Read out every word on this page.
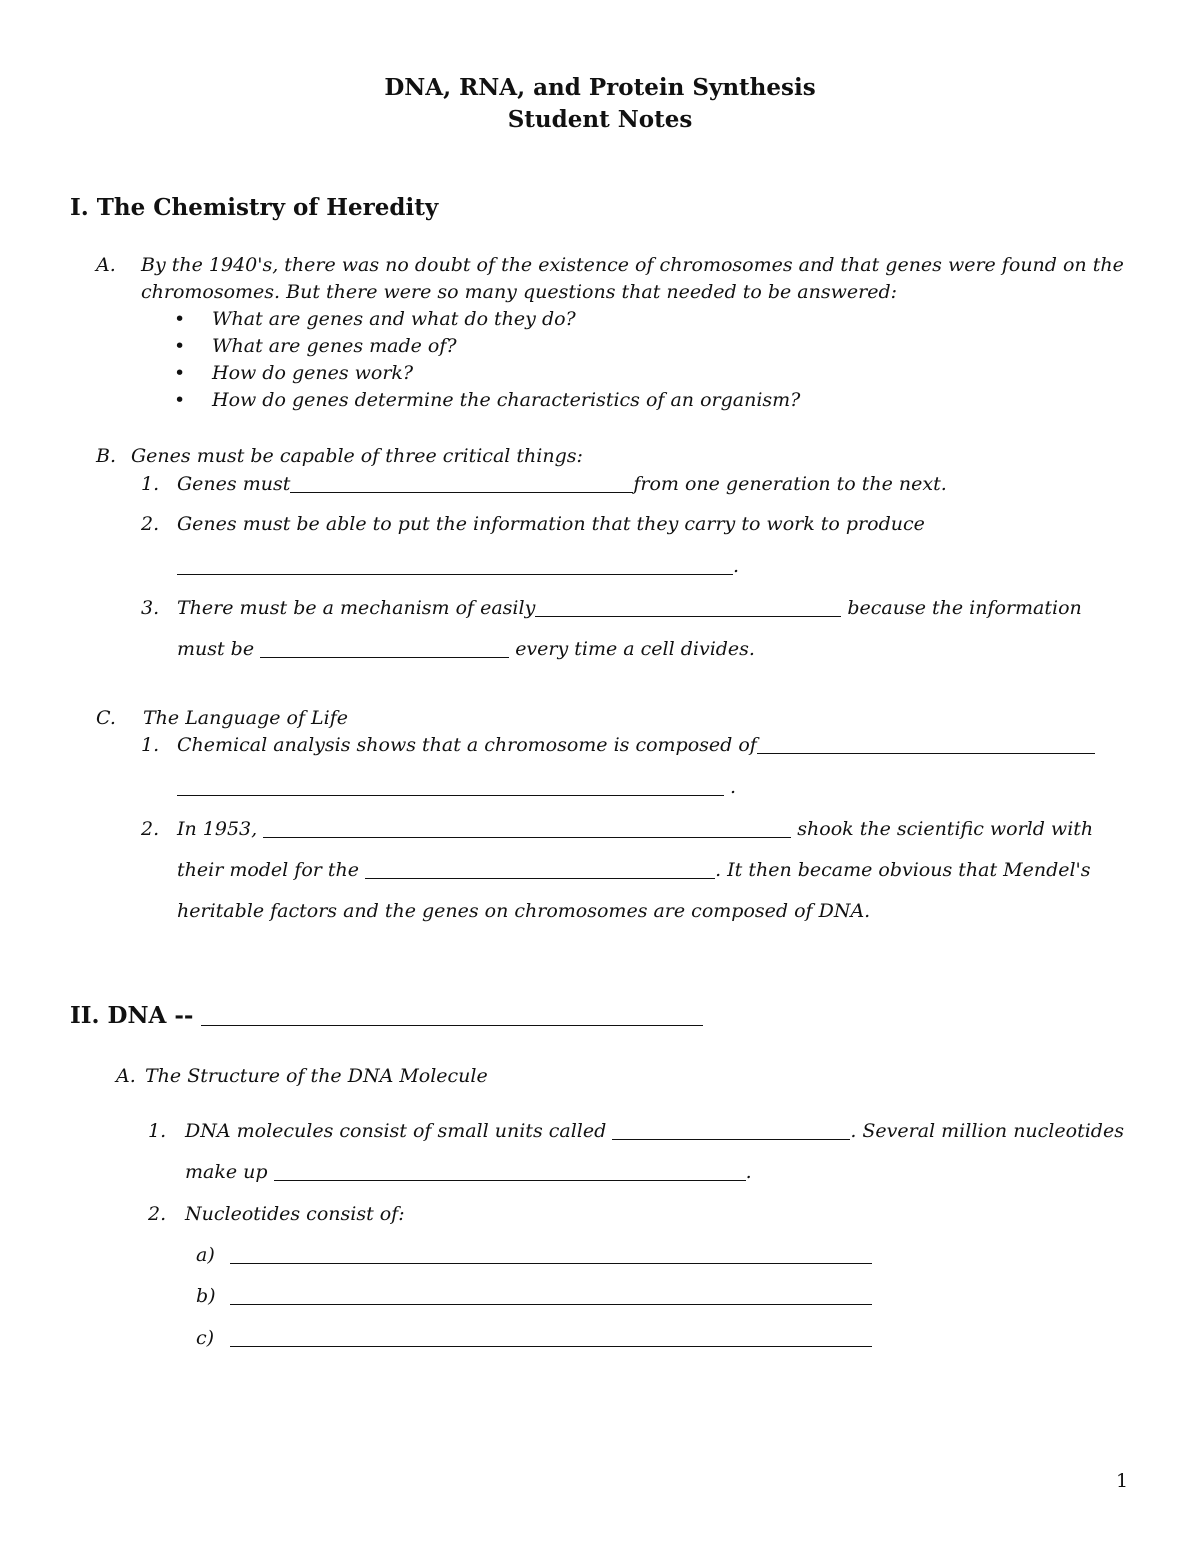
DNA, RNA, and Protein Synthesis
Student Notes
I. The Chemistry of Heredity
A. By the 1940's, there was no doubt of the existence of chromosomes and that genes were found on the
chromosomes. But there were so many questions that needed to be answered:
• What are genes and what do they do?
• What are genes made of?
• How do genes work?
• How do genes determine the characteristics of an organism?
B. Genes must be capable of three critical things:
1. Genes must	from one generation to the next.
2. Genes must be able to put the information that they carry to work to produce
.
3. There must be a mechanism of easily	because the information
must be	every time a cell divides.
C. The Language of Life
1. Chemical analysis shows that a chromosome is composed of
.
2. In 1953,	shook the scientific world with
their model for the	. It then became obvious that Mendel's
heritable factors and the genes on chromosomes are composed of DNA.
II. DNA --
A. The Structure of the DNA Molecule
1. DNA molecules consist of small units called	. Several million nucleotides
make up	.
2. Nucleotides consist of:
a)
b)
c)
1
